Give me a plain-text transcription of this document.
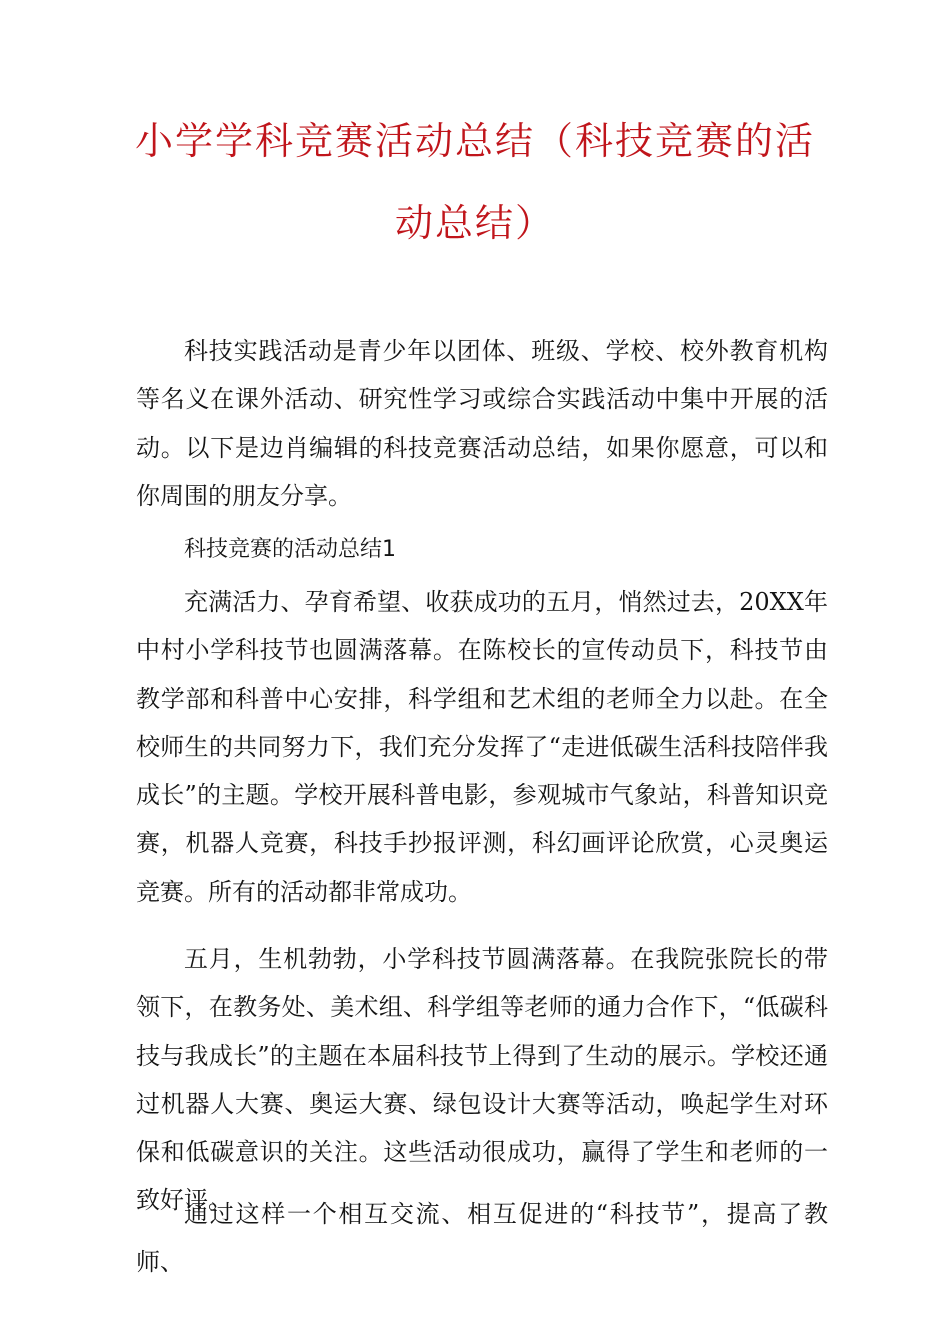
小学学科竞赛活动总结（科技竞赛的活
动总结）

科技实践活动是青少年以团体、班级、学校、校外教育机构等名义在课外活动、研究性学习或综合实践活动中集中开展的活动。以下是边肖编辑的科技竞赛活动总结，如果你愿意，可以和你周围的朋友分享。

科技竞赛的活动总结1

充满活力、孕育希望、收获成功的五月，悄然过去，20XX年中村小学科技节也圆满落幕。在陈校长的宣传动员下，科技节由教学部和科普中心安排，科学组和艺术组的老师全力以赴。在全校师生的共同努力下，我们充分发挥了“走进低碳生活科技陪伴我成长”的主题。学校开展科普电影，参观城市气象站，科普知识竞赛，机器人竞赛，科技手抄报评测，科幻画评论欣赏，心灵奥运竞赛。所有的活动都非常成功。

五月，生机勃勃，小学科技节圆满落幕。在我院张院长的带领下，在教务处、美术组、科学组等老师的通力合作下，“低碳科技与我成长”的主题在本届科技节上得到了生动的展示。学校还通过机器人大赛、奥运大赛、绿包设计大赛等活动，唤起学生对环保和低碳意识的关注。这些活动很成功，赢得了学生和老师的一致好评。

通过这样一个相互交流、相互促进的“科技节”，提高了教师、
